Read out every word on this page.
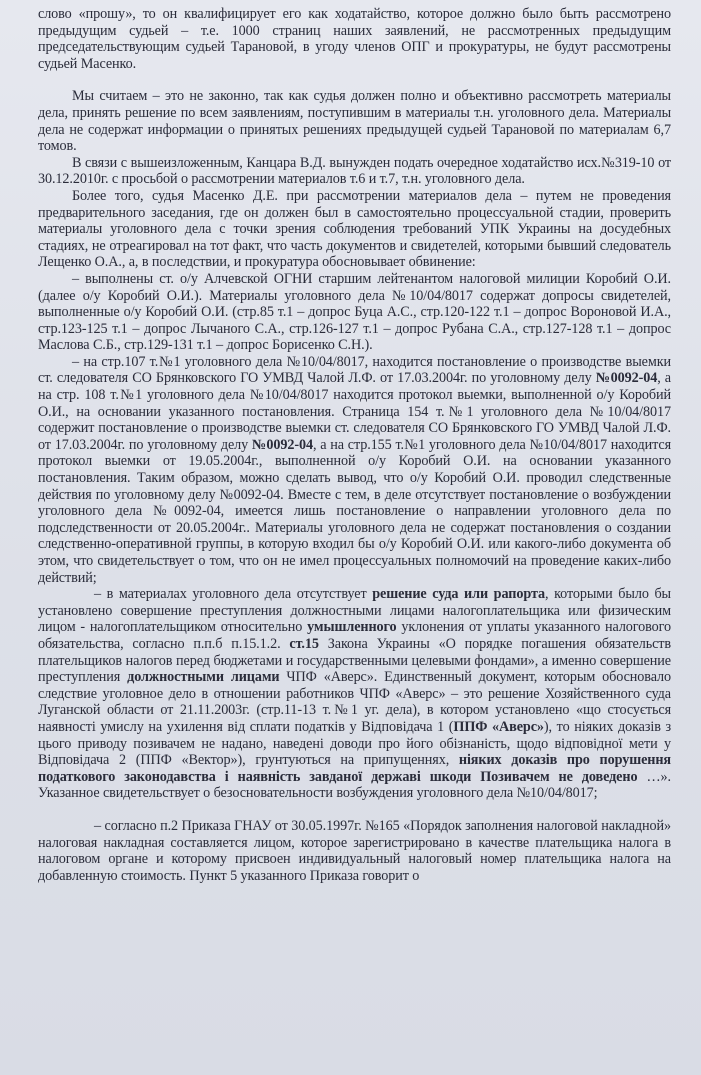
слово «прошу», то он квалифицирует его как ходатайство, которое должно было быть рассмотрено предыдущим судьей – т.е. 1000 страниц наших заявлений, не рассмотренных предыдущим председательствующим судьей Тарановой, в угоду членов ОПГ и прокуратуры, не будут рассмотрены судьей Масенко.

Мы считаем – это не законно, так как судья должен полно и объективно рассмотреть материалы дела, принять решение по всем заявлениям, поступившим в материалы т.н. уголовного дела. Материалы дела не содержат информации о принятых решениях предыдущей судьей Тарановой по материалам 6,7 томов.

В связи с вышеизложенным, Канцара В.Д. вынужден подать очередное ходатайство исх.№319-10 от 30.12.2010г. с просьбой о рассмотрении материалов т.6 и т.7, т.н. уголовного дела.

Более того, судья Масенко Д.Е. при рассмотрении материалов дела – путем не проведения предварительного заседания, где он должен был в самостоятельно процессуальной стадии, проверить материалы уголовного дела с точки зрения соблюдения требований УПК Украины на досудебных стадиях, не отреагировал на тот факт, что часть документов и свидетелей, которыми бывший следователь Лещенко О.А., а, в последствии, и прокуратура обосновывает обвинение:

– выполнены ст. о/у Алчевской ОГНИ старшим лейтенантом налоговой милиции Коробий О.И. (далее о/у Коробий О.И.). Материалы уголовного дела №10/04/8017 содержат допросы свидетелей, выполненные о/у Коробий О.И. (стр.85 т.1 – допрос Буца А.С., стр.120-122 т.1 – допрос Вороновой И.А., стр.123-125 т.1 – допрос Лычаного С.А., стр.126-127 т.1 – допрос Рубана С.А., стр.127-128 т.1 – допрос Маслова С.Б., стр.129-131 т.1 – допрос Борисенко С.Н.).

– на стр.107 т.№1 уголовного дела №10/04/8017, находится постановление о производстве выемки ст. следователя СО Брянковского ГО УМВД Чалой Л.Ф. от 17.03.2004г. по уголовному делу №0092-04, а на стр. 108 т.№1 уголовного дела №10/04/8017 находится протокол выемки, выполненной о/у Коробий О.И., на основании указанного постановления. Страница 154 т.№1 уголовного дела №10/04/8017 содержит постановление о производстве выемки ст. следователя СО Брянковского ГО УМВД Чалой Л.Ф. от 17.03.2004г. по уголовному делу №0092-04, а на стр.155 т.№1 уголовного дела №10/04/8017 находится протокол выемки от 19.05.2004г., выполненной о/у Коробий О.И. на основании указанного постановления. Таким образом, можно сделать вывод, что о/у Коробий О.И. проводил следственные действия по уголовному делу №0092-04. Вместе с тем, в деле отсутствует постановление о возбуждении уголовного дела №0092-04, имеется лишь постановление о направлении уголовного дела по подследственности от 20.05.2004г.. Материалы уголовного дела не содержат постановления о создании следственно-оперативной группы, в которую входил бы о/у Коробий О.И. или какого-либо документа об этом, что свидетельствует о том, что он не имел процессуальных полномочий на проведение каких-либо действий;

– в материалах уголовного дела отсутствует решение суда или рапорта, которыми было бы установлено совершение преступления должностными лицами налогоплательщика или физическим лицом - налогоплательщиком относительно умышленного уклонения от уплаты указанного налогового обязательства, согласно п.п.б п.15.1.2. ст.15 Закона Украины «О порядке погашения обязательств плательщиков налогов перед бюджетами и государственными целевыми фондами», а именно совершение преступления должностными лицами ЧПФ «Аверс». Единственный документ, которым обосновало следствие уголовное дело в отношении работников ЧПФ «Аверс» – это решение Хозяйственного суда Луганской области от 21.11.2003г. (стр.11-13 т.№1 уг. дела), в котором установлено «що стосується наявності умислу на ухилення від сплати податків у Відповідача 1 (ППФ «Аверс»), то ніяких доказів з цього приводу позивачем не надано, наведені доводи про його обізнаність, щодо відповідної мети у Відповідача 2 (ППФ «Вектор»), грунтуються на припущеннях, ніяких доказів про порушення податкового законодавства і наявність завданої державі шкоди Позивачем не доведено …». Указанное свидетельствует о безосновательности возбуждения уголовного дела №10/04/8017;

– согласно п.2 Приказа ГНАУ от 30.05.1997г. №165 «Порядок заполнения налоговой накладной» налоговая накладная составляется лицом, которое зарегистрировано в качестве плательщика налога в налоговом органе и которому присвоен индивидуальный налоговый номер плательщика налога на добавленную стоимость. Пункт 5 указанного Приказа говорит о
